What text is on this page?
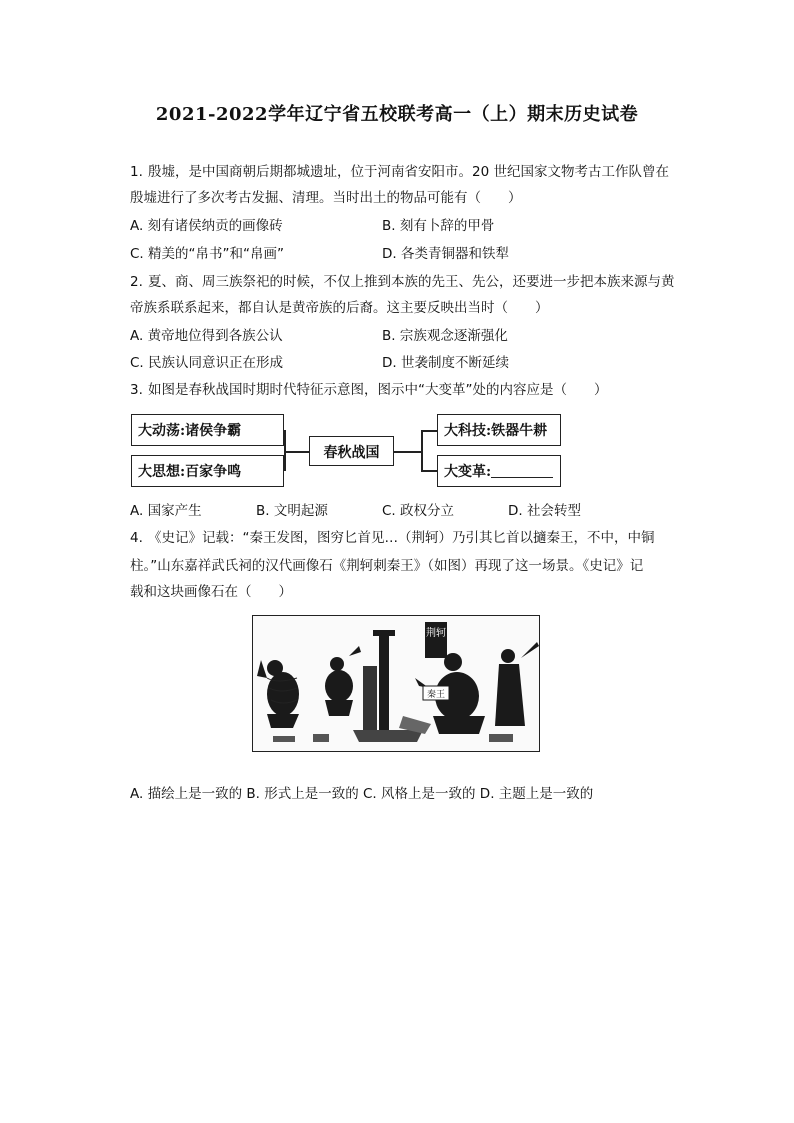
2021-2022学年辽宁省五校联考高一（上）期末历史试卷
1. 殷墟，是中国商朝后期都城遗址，位于河南省安阳市。20 世纪国家文物考古工作队曾在
殷墟进行了多次考古发掘、清理。当时出土的物品可能有（　　）
A. 刻有诸侯纳贡的画像砖	B. 刻有卜辞的甲骨
C. 精美的“帛书”和“帛画”	D. 各类青铜器和铁犁
2. 夏、商、周三族祭祀的时候，不仅上推到本族的先王、先公，还要进一步把本族来源与黄
帝族系联系起来，都自认是黄帝族的后裔。这主要反映出当时（　　）
A. 黄帝地位得到各族公认	B. 宗族观念逐渐强化
C. 民族认同意识正在形成	D. 世袭制度不断延续
3. 如图是春秋战国时期时代特征示意图，图示中“大变革”处的内容应是（　　）
大动荡:诸侯争霸
大思想:百家争鸣
春秋战国
大科技:铁器牛耕
大变革:
A. 国家产生	B. 文明起源	C. 政权分立	D. 社会转型
4. 《史记》记载：“秦王发图，图穷匕首见…（荆轲）乃引其匕首以擿秦王，不中，中铜
柱。”山东嘉祥武氏祠的汉代画像石《荆轲刺秦王》（如图）再现了这一场景。《史记》记
载和这块画像石在（　　）
荆轲
秦王
A. 描绘上是一致的 B. 形式上是一致的 C. 风格上是一致的 D. 主题上是一致的
